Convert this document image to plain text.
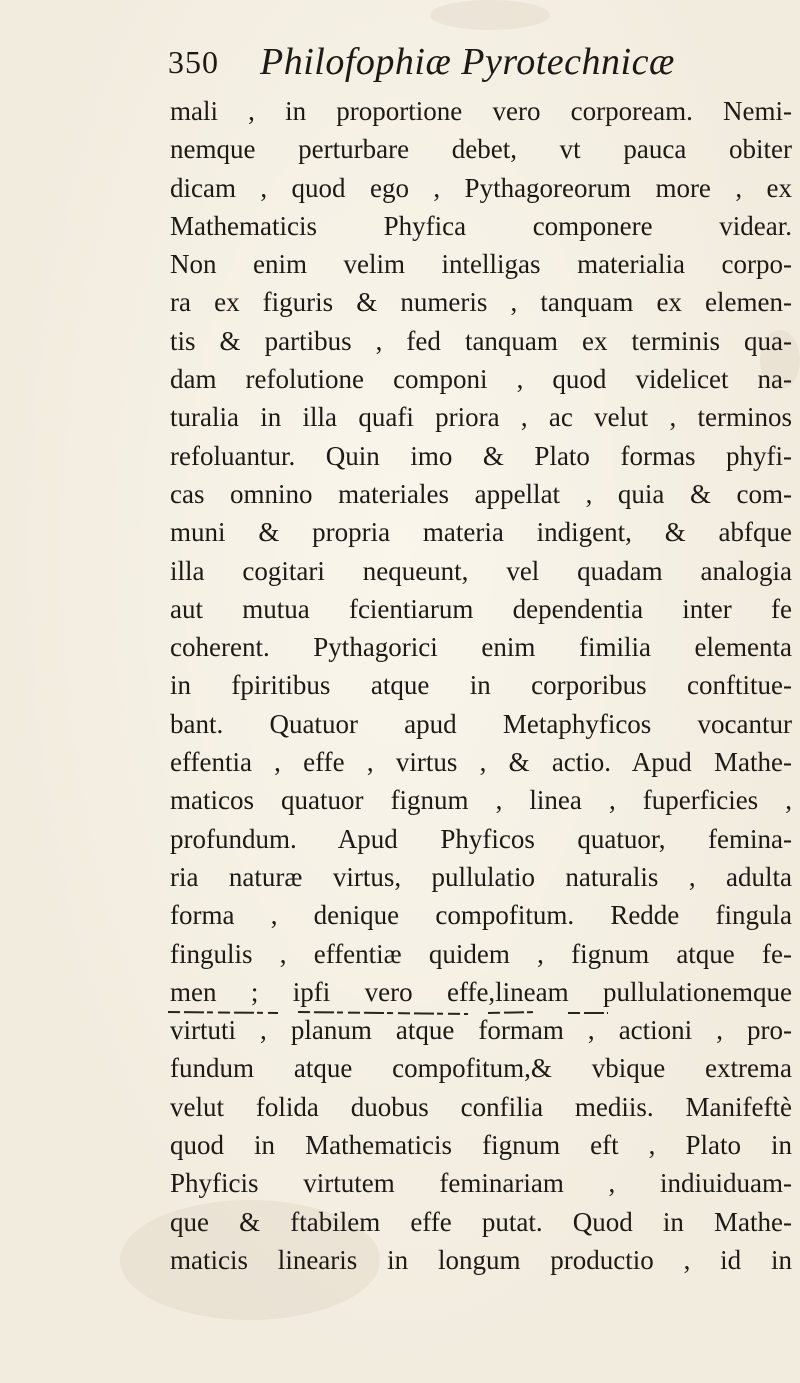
350 Philofophiæ Pyrotechnicæ
mali , in proportione vero corpoream. Nemi-
nemque perturbare debet, vt pauca obiter
dicam , quod ego , Pythagoreorum more , ex
Mathematicis Phyfica componere videar.
Non enim velim intelligas materialia corpo-
ra ex figuris & numeris , tanquam ex elemen-
tis & partibus , fed tanquam ex terminis qua-
dam refolutione componi , quod videlicet na-
turalia in illa quafi priora , ac velut , terminos
refoluantur. Quin imo & Plato formas phyfi-
cas omnino materiales appellat , quia & com-
muni & propria materia indigent, & abfque
illa cogitari nequeunt, vel quadam analogia
aut mutua fcientiarum dependentia inter fe
coherent. Pythagorici enim fimilia elementa
in fpiritibus atque in corporibus conftitue-
bant. Quatuor apud Metaphyficos vocantur
effentia , effe , virtus , & actio. Apud Mathe-
maticos quatuor fignum , linea , fuperficies ,
profundum. Apud Phyficos quatuor, femina-
ria naturæ virtus, pullulatio naturalis , adulta
forma , denique compofitum. Redde fingula
fingulis , effentiæ quidem , fignum atque fe-
men ; ipfi vero effe,lineam pullulationemque
virtuti , planum atque formam , actioni , pro-
fundum atque compofitum,& vbique extrema
velut folida duobus confilia mediis. Manifeftè
quod in Mathematicis fignum eft , Plato in
Phyficis virtutem feminariam , indiuiduam-
que & ftabilem effe putat. Quod in Mathe-
maticis linearis in longum productio , id in
